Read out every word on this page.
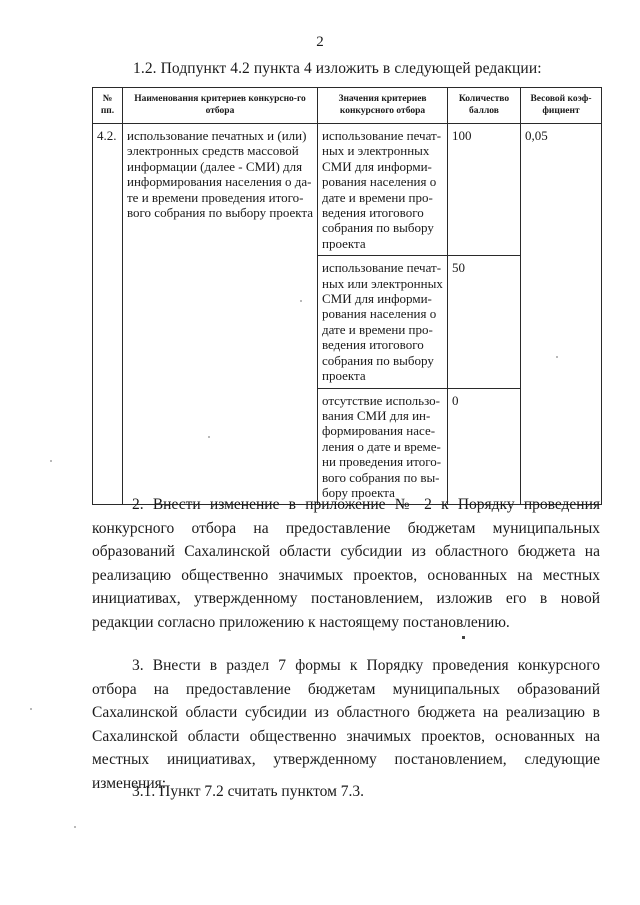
2
1.2. Подпункт 4.2 пункта 4 изложить в следующей редакции:
№ пп.	Наименования критериев конкурсно-го отбора	Значения критериев конкурсного отбора	Количество баллов	Весовой коэф-фициент
4.2.	использование печатных и (или) электронных средств массовой информации (далее - СМИ) для информирования населения о да-те и времени проведения итого-вого собрания по выбору проекта	использование печат-ных и электронных СМИ для информи-рования населения о дате и времени про-ведения итогового собрания по выбору проекта	100	0,05
		использование печат-ных или электронных СМИ для информи-рования населения о дате и времени про-ведения итогового собрания по выбору проекта	50	
		отсутствие использо-вания СМИ для ин-формирования насе-ления о дате и време-ни проведения итого-вого собрания по вы-бору проекта	0	
2. Внести изменение в приложение № 2 к Порядку проведения конкурсного отбора на предоставление бюджетам муниципальных образований Сахалинской области субсидии из областного бюджета на реализацию общественно значимых проектов, основанных на местных инициативах, утвержденному постановлением, изложив его в новой редакции согласно приложению к настоящему постановлению.
3. Внести в раздел 7 формы к Порядку проведения конкурсного отбора на предоставление бюджетам муниципальных образований Сахалинской области субсидии из областного бюджета на реализацию в Сахалинской области общественно значимых проектов, основанных на местных инициативах, утвержденному постановлением, следующие изменения:
3.1. Пункт 7.2 считать пунктом 7.3.
